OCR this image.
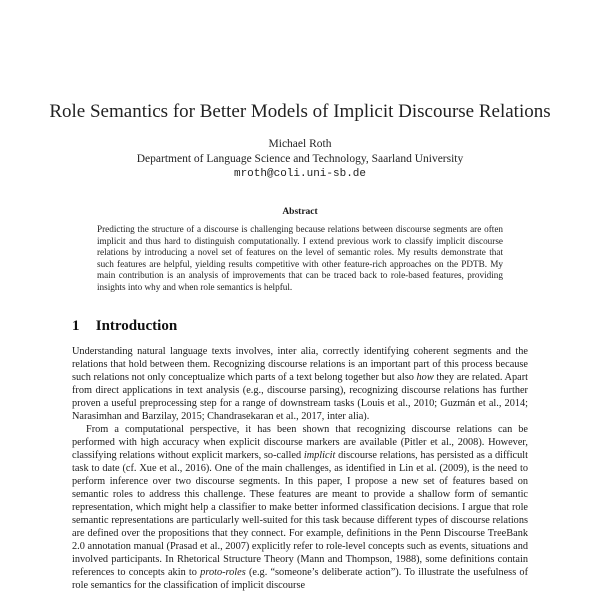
Role Semantics for Better Models of Implicit Discourse Relations
Michael Roth
Department of Language Science and Technology, Saarland University
mroth@coli.uni-sb.de
Abstract
Predicting the structure of a discourse is challenging because relations between discourse segments are often implicit and thus hard to distinguish computationally. I extend previous work to classify implicit discourse relations by introducing a novel set of features on the level of semantic roles. My results demonstrate that such features are helpful, yielding results competitive with other feature-rich approaches on the PDTB. My main contribution is an analysis of improvements that can be traced back to role-based features, providing insights into why and when role semantics is helpful.
1 Introduction

Understanding natural language texts involves, inter alia, correctly identifying coherent segments and the relations that hold between them. Recognizing discourse relations is an important part of this process because such relations not only conceptualize which parts of a text belong together but also how they are related. Apart from direct applications in text analysis (e.g., discourse parsing), recognizing discourse relations has further proven a useful preprocessing step for a range of downstream tasks (Louis et al., 2010; Guzmán et al., 2014; Narasimhan and Barzilay, 2015; Chandrasekaran et al., 2017, inter alia).

From a computational perspective, it has been shown that recognizing discourse relations can be performed with high accuracy when explicit discourse markers are available (Pitler et al., 2008). However, classifying relations without explicit markers, so-called implicit discourse relations, has persisted as a difficult task to date (cf. Xue et al., 2016). One of the main challenges, as identified in Lin et al. (2009), is the need to perform inference over two discourse segments. In this paper, I propose a new set of features based on semantic roles to address this challenge. These features are meant to provide a shallow form of semantic representation, which might help a classifier to make better informed classification decisions. I argue that role semantic representations are particularly well-suited for this task because different types of discourse relations are defined over the propositions that they connect. For example, definitions in the Penn Discourse TreeBank 2.0 annotation manual (Prasad et al., 2007) explicitly refer to role-level concepts such as events, situations and involved participants. In Rhetorical Structure Theory (Mann and Thompson, 1988), some definitions contain references to concepts akin to proto-roles (e.g. “someone’s deliberate action”). To illustrate the usefulness of role semantics for the classification of implicit discourse
